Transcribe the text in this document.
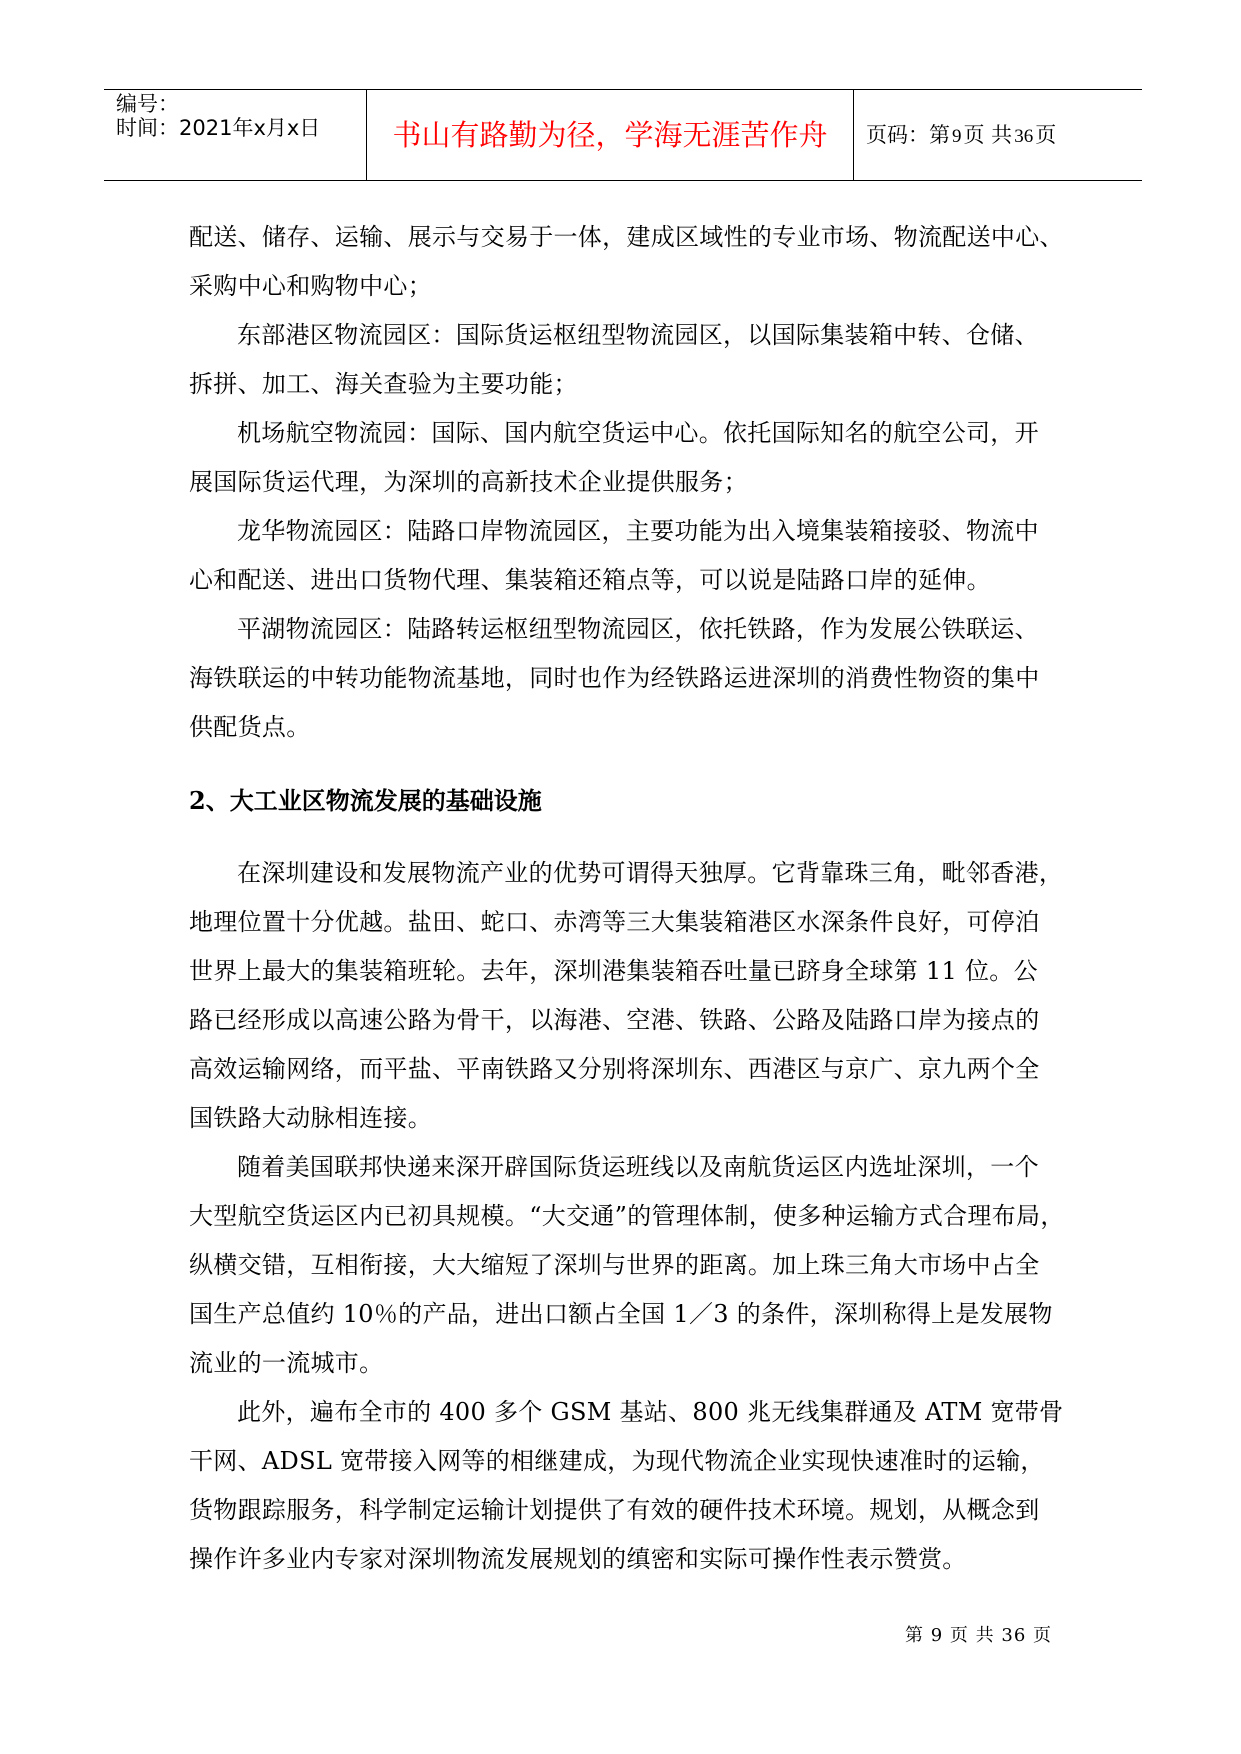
编号：
时间：2021年x月x日	书山有路勤为径，学海无涯苦作舟	页码：第 9页 共 36页
配送、储存、运输、展示与交易于一体，建成区域性的专业市场、物流配送中心、
采购中心和购物中心；
东部港区物流园区：国际货运枢纽型物流园区，以国际集装箱中转、仓储、
拆拼、加工、海关查验为主要功能；
机场航空物流园：国际、国内航空货运中心。依托国际知名的航空公司，开
展国际货运代理，为深圳的高新技术企业提供服务；
龙华物流园区：陆路口岸物流园区，主要功能为出入境集装箱接驳、物流中
心和配送、进出口货物代理、集装箱还箱点等，可以说是陆路口岸的延伸。
平湖物流园区：陆路转运枢纽型物流园区，依托铁路，作为发展公铁联运、
海铁联运的中转功能物流基地，同时也作为经铁路运进深圳的消费性物资的集中
供配货点。
2、大工业区物流发展的基础设施
在深圳建设和发展物流产业的优势可谓得天独厚。它背靠珠三角，毗邻香港，
地理位置十分优越。盐田、蛇口、赤湾等三大集装箱港区水深条件良好，可停泊
世界上最大的集装箱班轮。去年，深圳港集装箱吞吐量已跻身全球第 11 位。公
路已经形成以高速公路为骨干，以海港、空港、铁路、公路及陆路口岸为接点的
高效运输网络，而平盐、平南铁路又分别将深圳东、西港区与京广、京九两个全
国铁路大动脉相连接。
随着美国联邦快递来深开辟国际货运班线以及南航货运区内选址深圳，一个
大型航空货运区内已初具规模。“大交通”的管理体制，使多种运输方式合理布局，
纵横交错，互相衔接，大大缩短了深圳与世界的距离。加上珠三角大市场中占全
国生产总值约 10％的产品，进出口额占全国 1／3 的条件，深圳称得上是发展物
流业的一流城市。
此外，遍布全市的 400 多个 GSM 基站、800 兆无线集群通及 ATM 宽带骨
干网、ADSL 宽带接入网等的相继建成，为现代物流企业实现快速准时的运输，
货物跟踪服务，科学制定运输计划提供了有效的硬件技术环境。规划，从概念到
操作许多业内专家对深圳物流发展规划的缜密和实际可操作性表示赞赏。
第 9 页 共 36 页
